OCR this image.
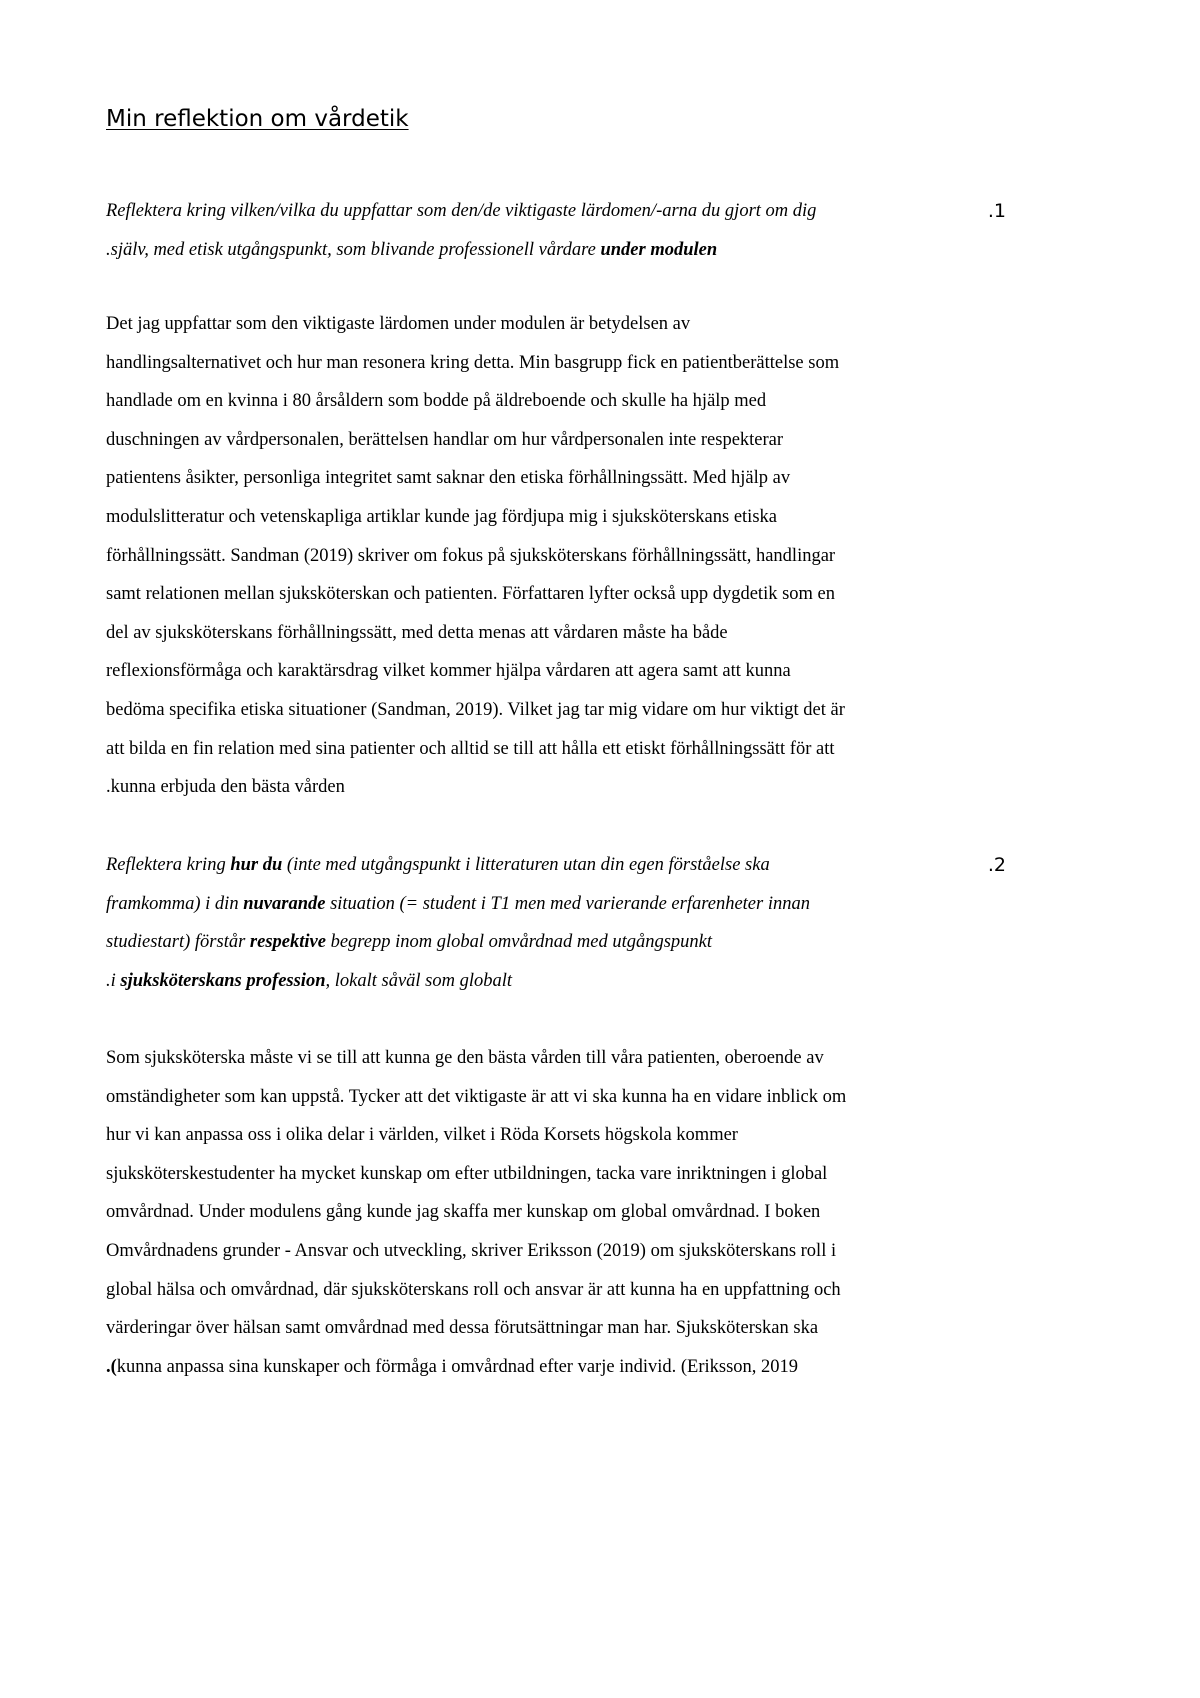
Min reflektion om vårdetik
Reflektera kring vilken/vilka du uppfattar som den/de viktigaste lärdomen/-arna du gjort om dig	.1
.själv, med etisk utgångspunkt, som blivande professionell vårdare under modulen
Det jag uppfattar som den viktigaste lärdomen under modulen är betydelsen av
handlingsalternativet och hur man resonera kring detta. Min basgrupp fick en patientberättelse som
handlade om en kvinna i 80 årsåldern som bodde på äldreboende och skulle ha hjälp med
duschningen av vårdpersonalen, berättelsen handlar om hur vårdpersonalen inte respekterar
patientens åsikter, personliga integritet samt saknar den etiska förhållningssätt. Med hjälp av
modulslitteratur och vetenskapliga artiklar kunde jag fördjupa mig i sjuksköterskans etiska
förhållningssätt. Sandman (2019) skriver om fokus på sjuksköterskans förhållningssätt, handlingar
samt relationen mellan sjuksköterskan och patienten. Författaren lyfter också upp dygdetik som en
del av sjuksköterskans förhållningssätt, med detta menas att vårdaren måste ha både
reflexionsförmåga och karaktärsdrag vilket kommer hjälpa vårdaren att agera samt att kunna
bedöma specifika etiska situationer (Sandman, 2019). Vilket jag tar mig vidare om hur viktigt det är
att bilda en fin relation med sina patienter och alltid se till att hålla ett etiskt förhållningssätt för att
.kunna erbjuda den bästa vården
Reflektera kring hur du (inte med utgångspunkt i litteraturen utan din egen förståelse ska	.2
framkomma) i din nuvarande situation (= student i T1 men med varierande erfarenheter innan
studiestart) förstår respektive begrepp inom global omvårdnad med utgångspunkt
.i sjuksköterskans profession, lokalt såväl som globalt
Som sjuksköterska måste vi se till att kunna ge den bästa vården till våra patienten, oberoende av
omständigheter som kan uppstå. Tycker att det viktigaste är att vi ska kunna ha en vidare inblick om
hur vi kan anpassa oss i olika delar i världen, vilket i Röda Korsets högskola kommer
sjuksköterskestudenter ha mycket kunskap om efter utbildningen, tacka vare inriktningen i global
omvårdnad. Under modulens gång kunde jag skaffa mer kunskap om global omvårdnad. I boken
Omvårdnadens grunder - Ansvar och utveckling, skriver Eriksson (2019) om sjuksköterskans roll i
global hälsa och omvårdnad, där sjuksköterskans roll och ansvar är att kunna ha en uppfattning och
värderingar över hälsan samt omvårdnad med dessa förutsättningar man har. Sjuksköterskan ska
.(kunna anpassa sina kunskaper och förmåga i omvårdnad efter varje individ. (Eriksson, 2019
